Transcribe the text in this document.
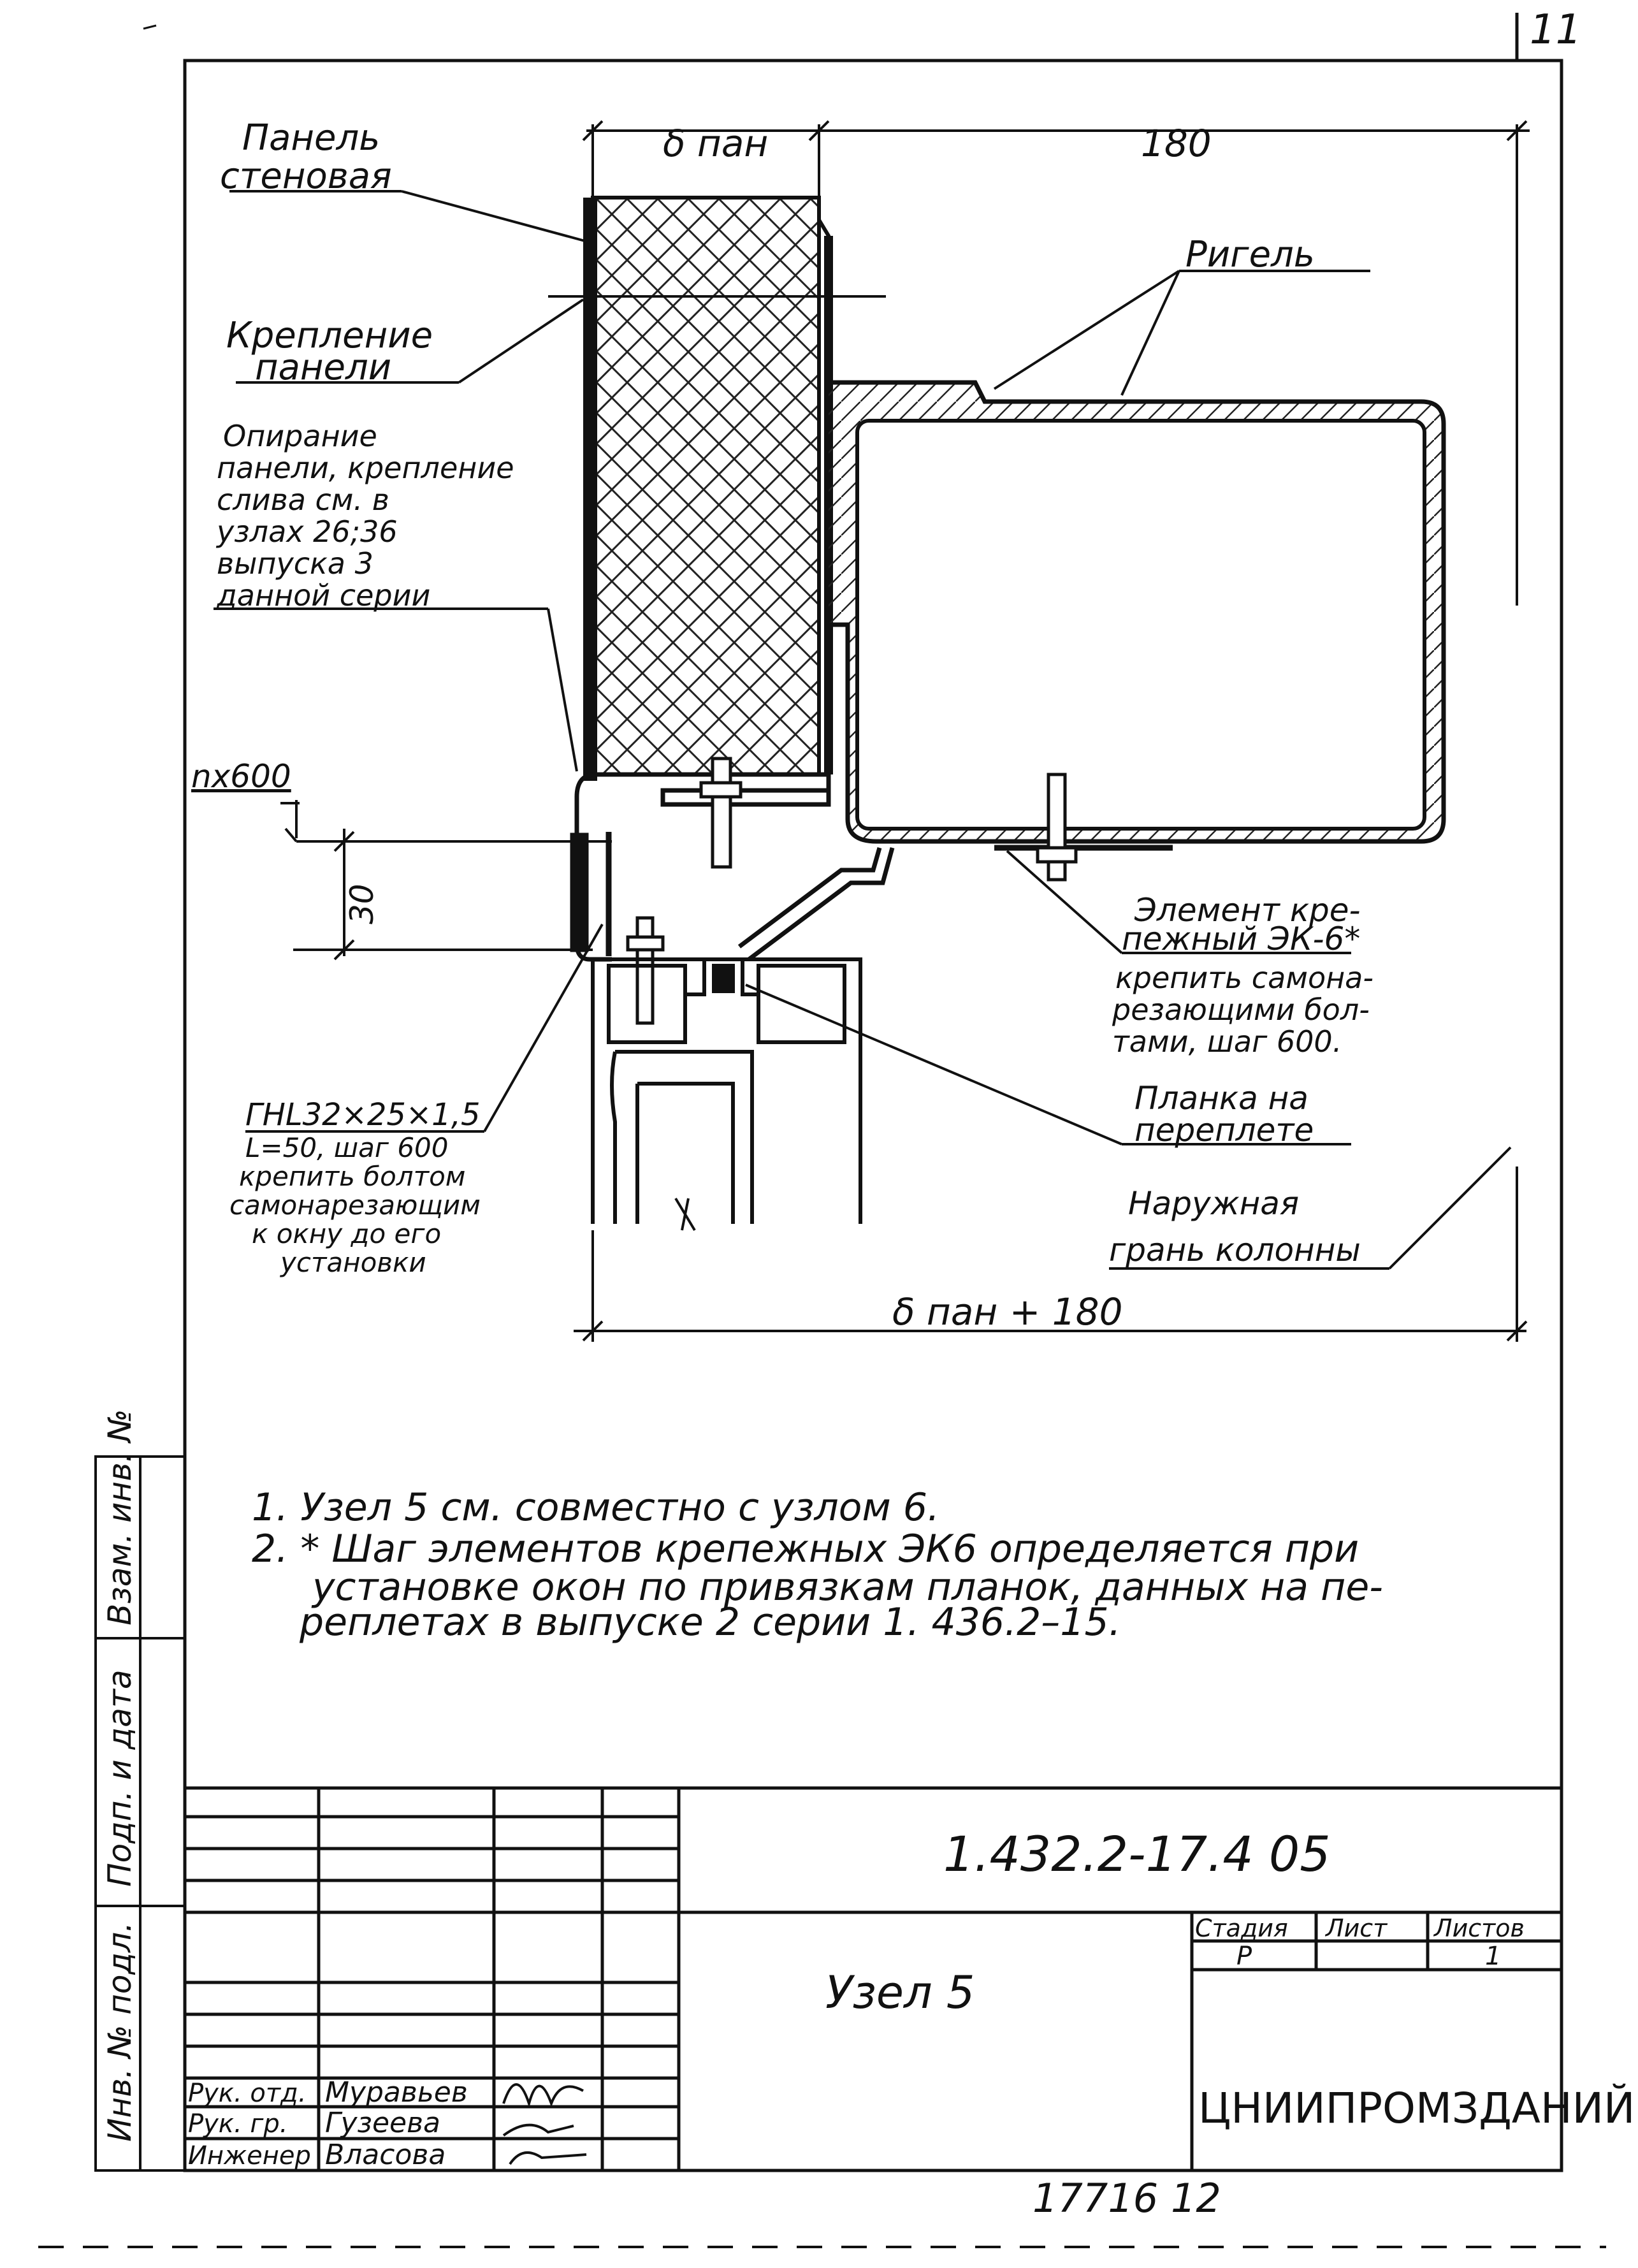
11
Взам. инв. №
Подп. и дата
Инв. № подл.
δ пан	180
δ пан + 180
30
nx600
Панель
стеновая
Крепление
панели
Опирание
панели, крепление
слива см. в
узлах 26;36
выпуска 3
данной серии
Ригель
Элемент кре-
пежный ЭК-6*
крепить самона-
резающими бол-
тами, шаг 600.
Планка на
переплете
Наружная
грань колонны
ГНL32×25×1,5
L=50, шаг 600
крепить болтом
самонарезающим
к окну до его
установки
1. Узел 5 см. совместно с узлом 6.
2. * Шаг элементов крепежных ЭК6 определяется при
установке окон по привязкам планок, данных на пе-
реплетах в выпуске 2 серии 1. 436.2–15.
1.432.2-17.4 05
Узел 5
ЦНИИПРОМЗДАНИЙ
Стадия Лист Листов
Р	1
Рук. отд. Муравьев
Рук. гр. Гузеева
Инженер Власова
17716 12
